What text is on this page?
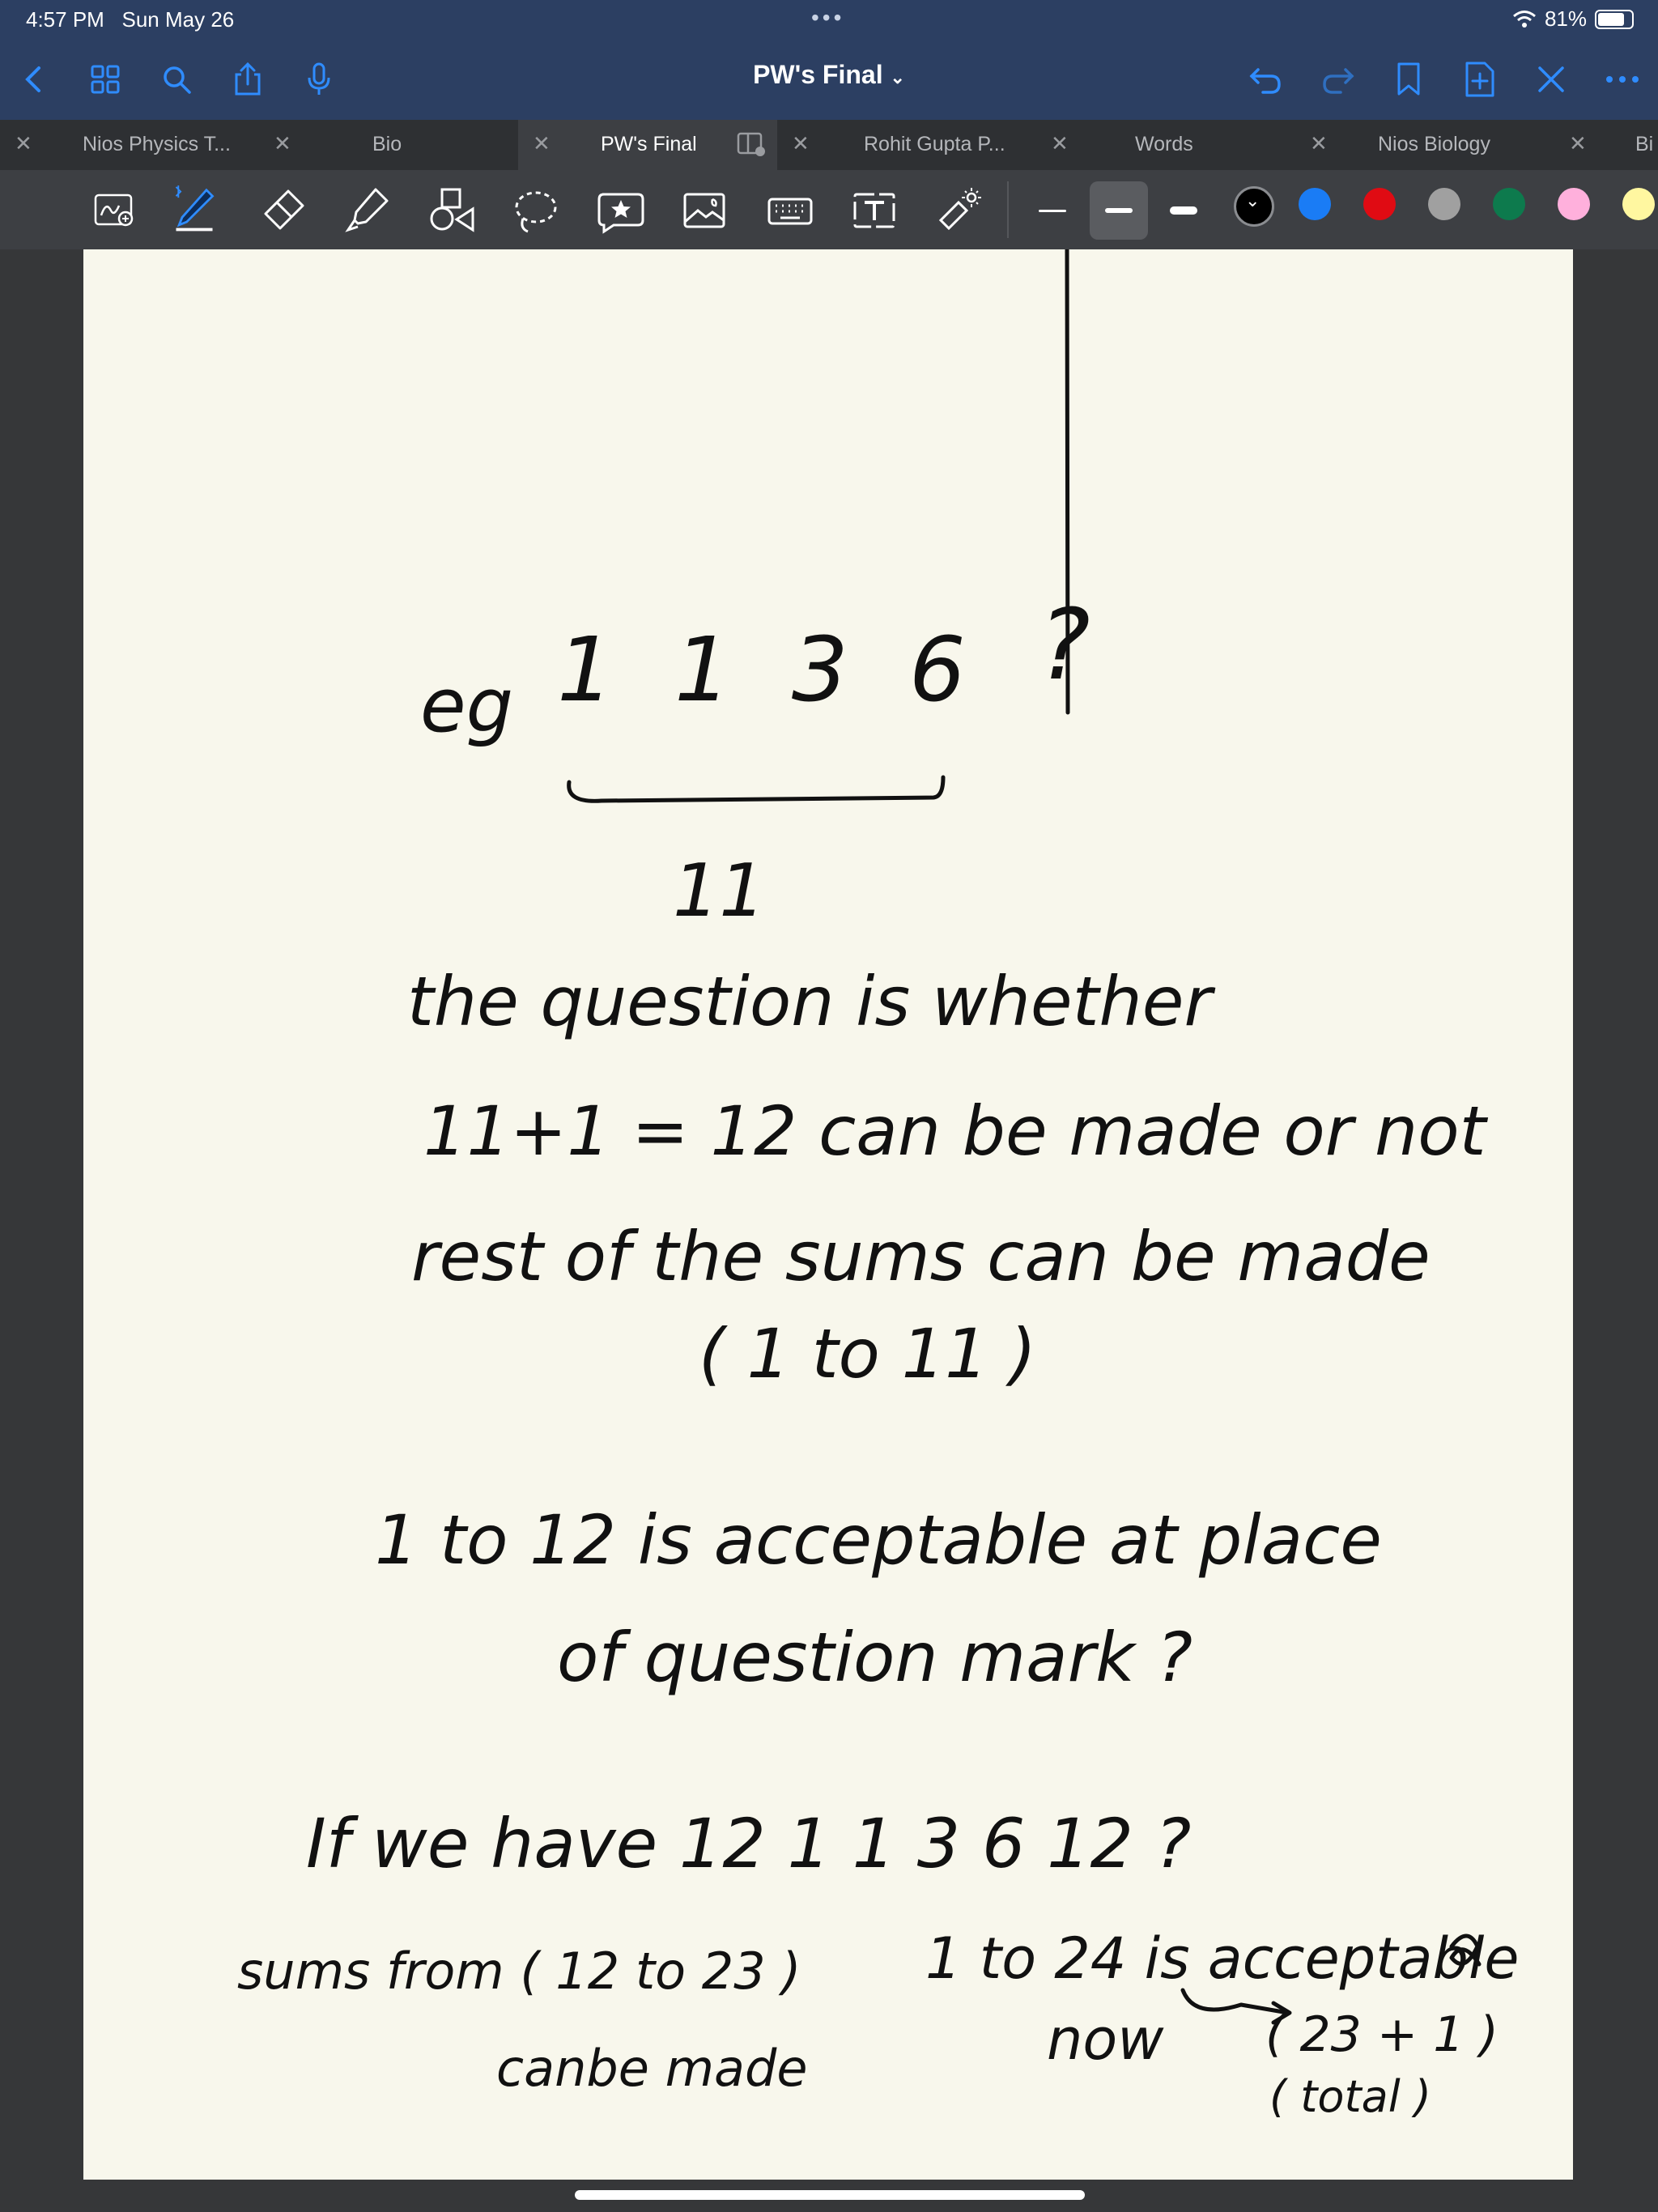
4:57 PM Sun May 26	•••	81%
PW's Final ⌄
✕ Nios Physics T... ✕	Bio	✕ PW's Final	✕	Rohit Gupta P... ✕	Words	✕ Nios Biology	✕ Bi
⌄
eg 1 1 3 6 ?
11
the question is whether
11+1 = 12 can be made or not
rest of the sums can be made
( 1 to 11 )
1 to 12 is acceptable at place
of question mark ?
If we have 12 1 1 3 6 12 ?
sums from ( 12 to 23 )
canbe made
1 to 24 is acceptable
now ( 23 + 1 )
( total )
